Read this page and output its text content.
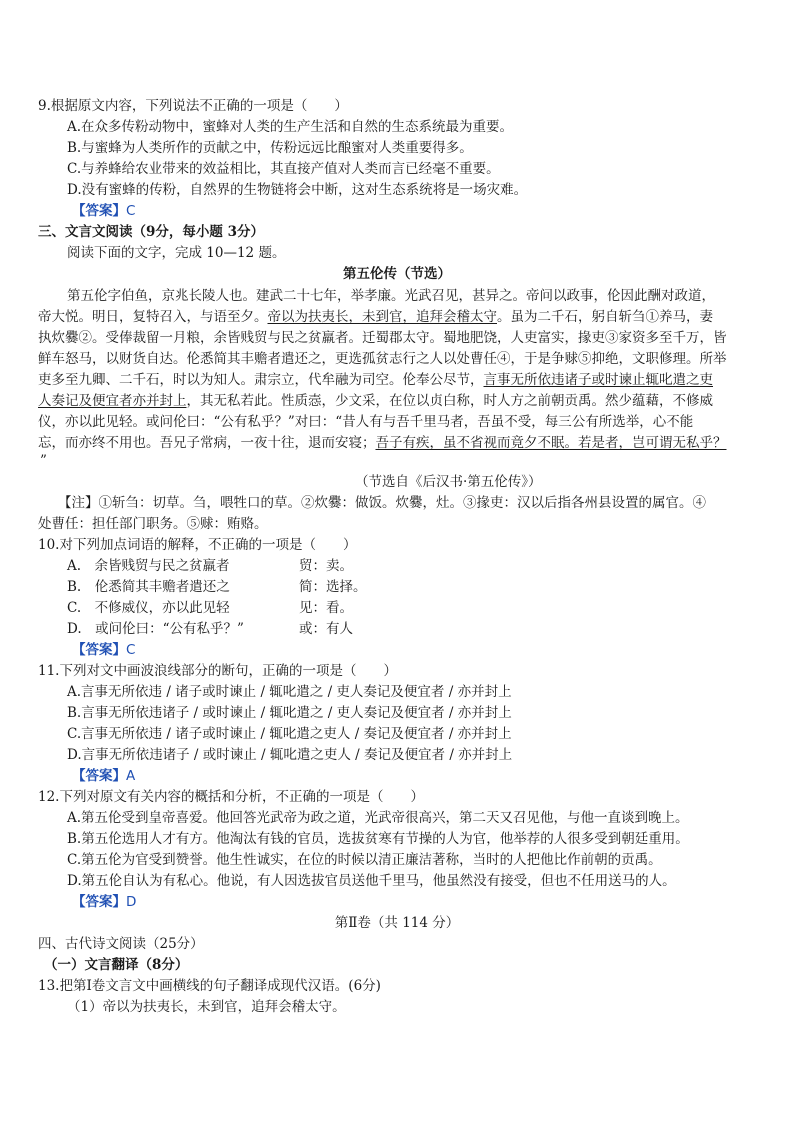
9.根据原文内容，下列说法不正确的一项是（　　）
A.在众多传粉动物中，蜜蜂对人类的生产生活和自然的生态系统最为重要。
B.与蜜蜂为人类所作的贡献之中，传粉远远比酿蜜对人类重要得多。
C.与养蜂给农业带来的效益相比，其直接产值对人类而言已经毫不重要。
D.没有蜜蜂的传粉，自然界的生物链将会中断，这对生态系统将是一场灾难。
【答案】C
三、文言文阅读（9分，每小题 3分）
阅读下面的文字，完成 10—12 题。
第五伦传（节选）
第五伦字伯鱼，京兆长陵人也。建武二十七年，举孝廉。光武召见，甚异之。帝问以政事，伦因此酬对政道，
帝大悦。明日，复特召入，与语至夕。帝以为扶夷长，未到官，追拜会稽太守。虽为二千石，躬自斩刍①养马，妻
执炊爨②。受俸裁留一月粮，余皆贱贸与民之贫羸者。迁蜀郡太守。蜀地肥饶，人吏富实，掾吏③家资多至千万，皆
鲜车怒马，以财货自达。伦悉简其丰赡者遣还之，更选孤贫志行之人以处曹任④，于是争赇⑤抑绝，文职修理。所举
吏多至九卿、二千石，时以为知人。肃宗立，代牟融为司空。伦奉公尽节，言事无所依违诸子或时谏止辄叱遣之吏
人奏记及便宜者亦并封上，其无私若此。性质悫，少文采，在位以贞白称，时人方之前朝贡禹。然少蕴藉，不修威
仪，亦以此见轻。或问伦曰：“公有私乎？”对曰：“昔人有与吾千里马者，吾虽不受，每三公有所选举，心不能
忘，而亦终不用也。吾兄子常病，一夜十往，退而安寝；吾子有疾，虽不省视而竟夕不眠。若是者，岂可谓无私乎？
”
（节选自《后汉书·第五伦传》）
【注】①斩刍：切草。刍，喂牲口的草。②炊爨：做饭。炊爨，灶。③掾吏：汉以后指各州县设置的属官。④
处曹任：担任部门职务。⑤赇：贿赂。
10.对下列加点词语的解释，不正确的一项是（　　）
A.　余皆贱贸与民之贫羸者	贸：卖。
B.　伦悉简其丰赡者遣还之	简：选择。
C.　不修威仪，亦以此见轻	见：看。
D.　或问伦曰：“公有私乎？”	或：有人
【答案】C
11.下列对文中画波浪线部分的断句，正确的一项是（　　）
A.言事无所依违 / 诸子或时谏止 / 辄叱遣之 / 吏人奏记及便宜者 / 亦并封上
B.言事无所依违诸子 / 或时谏止 / 辄叱遣之 / 吏人奏记及便宜者 / 亦并封上
C.言事无所依违 / 诸子或时谏止 / 辄叱遣之吏人 / 奏记及便宜者 / 亦并封上
D.言事无所依违诸子 / 或时谏止 / 辄叱遣之吏人 / 奏记及便宜者 / 亦并封上
【答案】A
12.下列对原文有关内容的概括和分析，不正确的一项是（　　）
A.第五伦受到皇帝喜爱。他回答光武帝为政之道，光武帝很高兴，第二天又召见他，与他一直谈到晚上。
B.第五伦选用人才有方。他淘汰有钱的官员，选拔贫寒有节操的人为官，他举荐的人很多受到朝廷重用。
C.第五伦为官受到赞誉。他生性诚实，在位的时候以清正廉洁著称，当时的人把他比作前朝的贡禹。
D.第五伦自认为有私心。他说，有人因选拔官员送他千里马，他虽然没有接受，但也不任用送马的人。
【答案】D
第Ⅱ卷（共 114 分）
四、古代诗文阅读（25分）
（一）文言翻译（8分）
13.把第Ⅰ卷文言文中画横线的句子翻译成现代汉语。(6分)
（1）帝以为扶夷长，未到官，追拜会稽太守。
